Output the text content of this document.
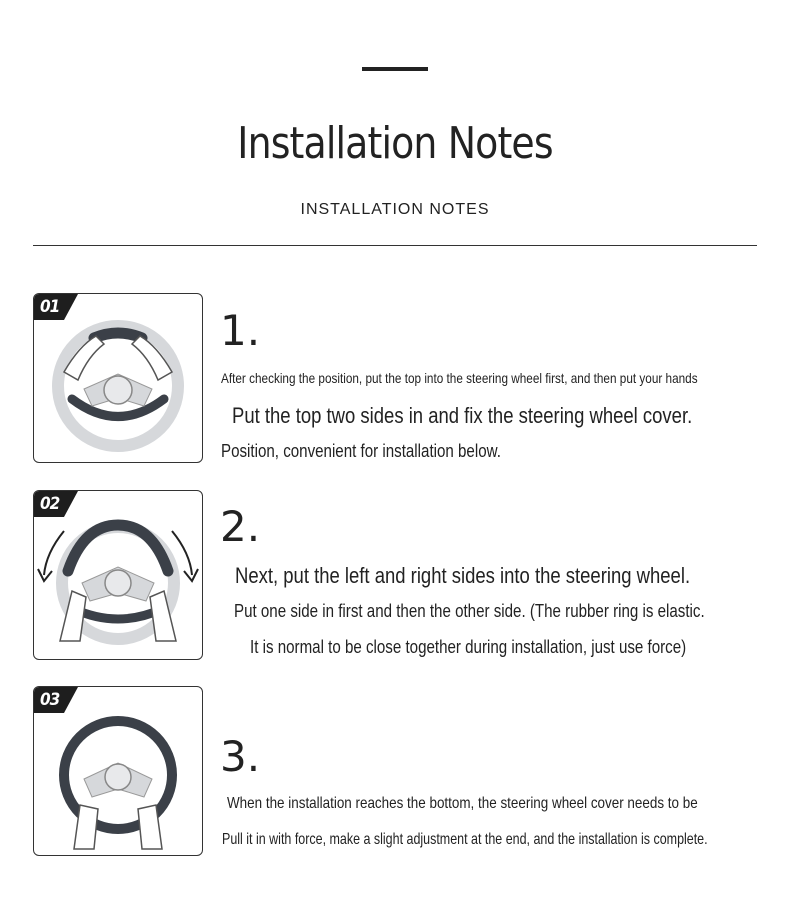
Installation Notes
INSTALLATION NOTES
01	1.
After checking the position, put the top into the steering wheel first, and then put your hands
Put the top two sides in and fix the steering wheel cover.
Position, convenient for installation below.
02	2.
Next, put the left and right sides into the steering wheel.
Put one side in first and then the other side. (The rubber ring is elastic.
It is normal to be close together during installation, just use force)
03
3.
When the installation reaches the bottom, the steering wheel cover needs to be
Pull it in with force, make a slight adjustment at the end, and the installation is complete.
